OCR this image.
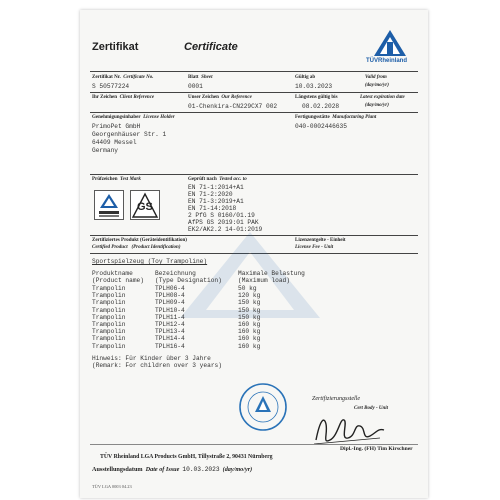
Zertifikat	Certificate
TÜVRheinland
Zertifikat Nr. Certificate No.
S 50577224
Blatt Sheet
0001
Gültig ab
10.03.2023
Valid from
(day/mo/yr)
Ihr Zeichen Client Reference	Unser Zeichen Our Reference
01-Chenkira-CN229CX7 002
Längstens gültig bis
08.02.2028
Latest expiration date
(day/mo/yr)
Genehmigungsinhaber License Holder
PrimoPet GmbH
Georgenhäuser Str. 1
64409 Messel
Germany
Fertigungsstätte Manufacturing Plant
040-0002446635
Prüfzeichen Test Mark
GS
Geprüft nach Tested acc. to
EN 71-1:2014+A1
EN 71-2:2020
EN 71-3:2019+A1
EN 71-14:2018
2 PfG S 0160/01.19
AfPS GS 2019:01 PAK
EK2/AK2.2 14-01:2019
Zertifiziertes Produkt (Geräteidentifikation)
Certified Product (Product Identification)
Lizenzentgelte - Einheit
License Fee - Unit
Sportspielzeug (Toy Trampoline)
Produktname
(Product name)
Bezeichnung
(Type Designation)
Maximale Belastung
(Maximum load)
Trampolin	TPLH06-4	50 kg
Trampolin	TPLH08-4	120 kg
Trampolin	TPLH09-4	150 kg
Trampolin	TPLH10-4	150 kg
Trampolin	TPLH11-4	150 kg
Trampolin	TPLH12-4	160 kg
Trampolin	TPLH13-4	160 kg
Trampolin	TPLH14-4	160 kg
Trampolin	TPLH16-4	160 kg
Hinweis: Für Kinder über 3 Jahre
(Remark: For children over 3 years)
Zertifizierungsstelle
Cert Body - Unit
Dipl.-Ing. (FH) Tim Kirschner
TÜV Rheinland LGA Products GmbH, Tillystraße 2, 90431 Nürnberg
Ausstellungsdatum Date of Issue 10.03.2023 (day/mo/yr)
TÜV LGA 0003 04.23
